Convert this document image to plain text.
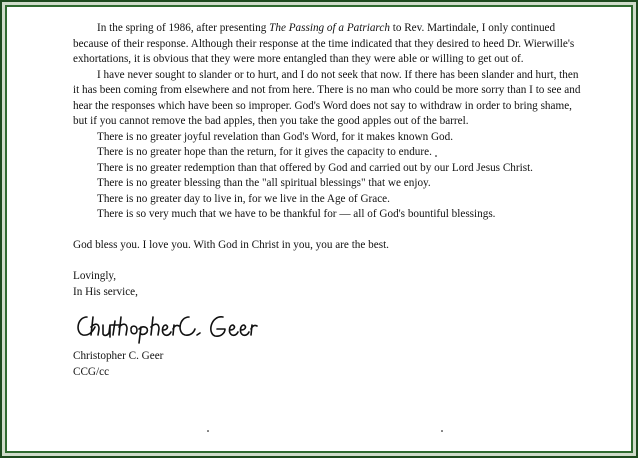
In the spring of 1986, after presenting The Passing of a Patriarch to Rev. Martindale, I only continued
because of their response. Although their response at the time indicated that they desired to heed Dr. Wierwille's
exhortations, it is obvious that they were more entangled than they were able or willing to get out of.
I have never sought to slander or to hurt, and I do not seek that now. If there has been slander and hurt, then
it has been coming from elsewhere and not from here. There is no man who could be more sorry than I to see and
hear the responses which have been so improper. God's Word does not say to withdraw in order to bring shame,
but if you cannot remove the bad apples, then you take the good apples out of the barrel.
There is no greater joyful revelation than God's Word, for it makes known God.
There is no greater hope than the return, for it gives the capacity to endure.
There is no greater redemption than that offered by God and carried out by our Lord Jesus Christ.
There is no greater blessing than the "all spiritual blessings" that we enjoy.
There is no greater day to live in, for we live in the Age of Grace.
There is so very much that we have to be thankful for — all of God's bountiful blessings.
God bless you. I love you. With God in Christ in you, you are the best.
Lovingly,
In His service,
Christopher C. Geer
CCG/cc
